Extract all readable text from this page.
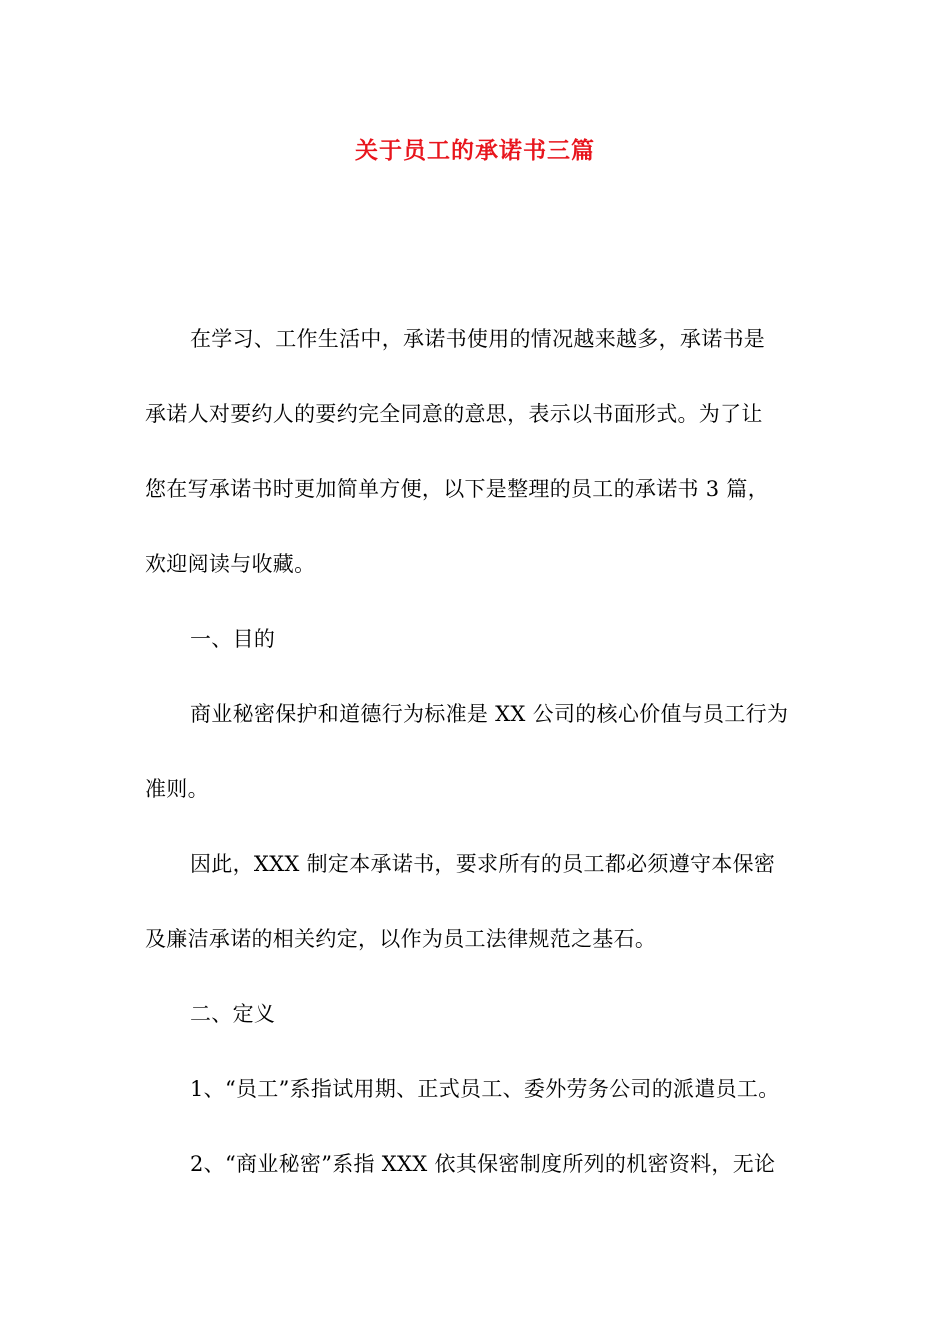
关于员工的承诺书三篇
在学习、工作生活中，承诺书使用的情况越来越多，承诺书是
承诺人对要约人的要约完全同意的意思，表示以书面形式。为了让
您在写承诺书时更加简单方便，以下是整理的员工的承诺书 3 篇，
欢迎阅读与收藏。
一、目的
商业秘密保护和道德行为标准是 XX 公司的核心价值与员工行为
准则。
因此，XXX 制定本承诺书，要求所有的员工都必须遵守本保密
及廉洁承诺的相关约定，以作为员工法律规范之基石。
二、定义
1、“员工”系指试用期、正式员工、委外劳务公司的派遣员工。
2、“商业秘密”系指 XXX 依其保密制度所列的机密资料，无论
